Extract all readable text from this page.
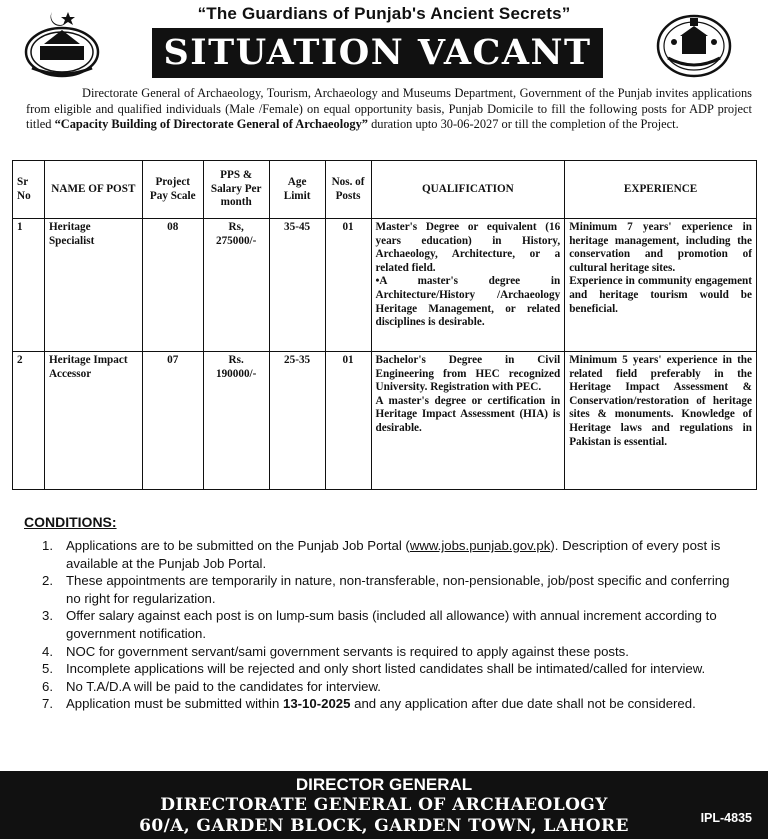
“The Guardians of Punjab's Ancient Secrets”
SITUATION VACANT

Directorate General of Archaeology, Tourism, Archaeology and Museums Department, Government of the Punjab invites applications from eligible and qualified individuals (Male /Female) on equal opportunity basis, Punjab Domicile to fill the following posts for ADP project titled “Capacity Building of Directorate General of Archaeology” duration upto 30-06-2027 or till the completion of the Project.

Sr No	NAME OF POST	Project Pay Scale	PPS & Salary Per month	Age Limit	Nos. of Posts	QUALIFICATION	EXPERIENCE
1	Heritage Specialist	08	Rs, 275000/-	35-45	01	Master's Degree or equivalent (16 years education) in History, Archaeology, Architecture, or a related field.
•A master's degree in Architecture/History /Archaeology Heritage Management, or related disciplines is desirable.	Minimum 7 years' experience in heritage management, including the conservation and promotion of cultural heritage sites.
Experience in community engagement and heritage tourism would be beneficial.

2	Heritage Impact Accessor	07	Rs. 190000/-	25-35	01	Bachelor's Degree in Civil Engineering from HEC recognized University. Registration with PEC.
A master's degree or certification in Heritage Impact Assessment (HIA) is desirable.	Minimum 5 years' experience in the related field preferably in the Heritage Impact Assessment & Conservation/restoration of heritage sites & monuments. Knowledge of Heritage laws and regulations in Pakistan is essential.
CONDITIONS:
1. Applications are to be submitted on the Punjab Job Portal (www.jobs.punjab.gov.pk). Description of every post is available at the Punjab Job Portal.
2. These appointments are temporarily in nature, non-transferable, non-pensionable, job/post specific and conferring no right for regularization.
3. Offer salary against each post is on lump-sum basis (included all allowance) with annual increment according to government notification.
4. NOC for government servant/sami government servants is required to apply against these posts.
5. Incomplete applications will be rejected and only short listed candidates shall be intimated/called for interview.
6. No T.A/D.A will be paid to the candidates for interview.
7. Application must be submitted within 13-10-2025 and any application after due date shall not be considered.
DIRECTOR GENERAL
DIRECTORATE GENERAL OF ARCHAEOLOGY
60/A, GARDEN BLOCK, GARDEN TOWN, LAHORE	IPL-4835
